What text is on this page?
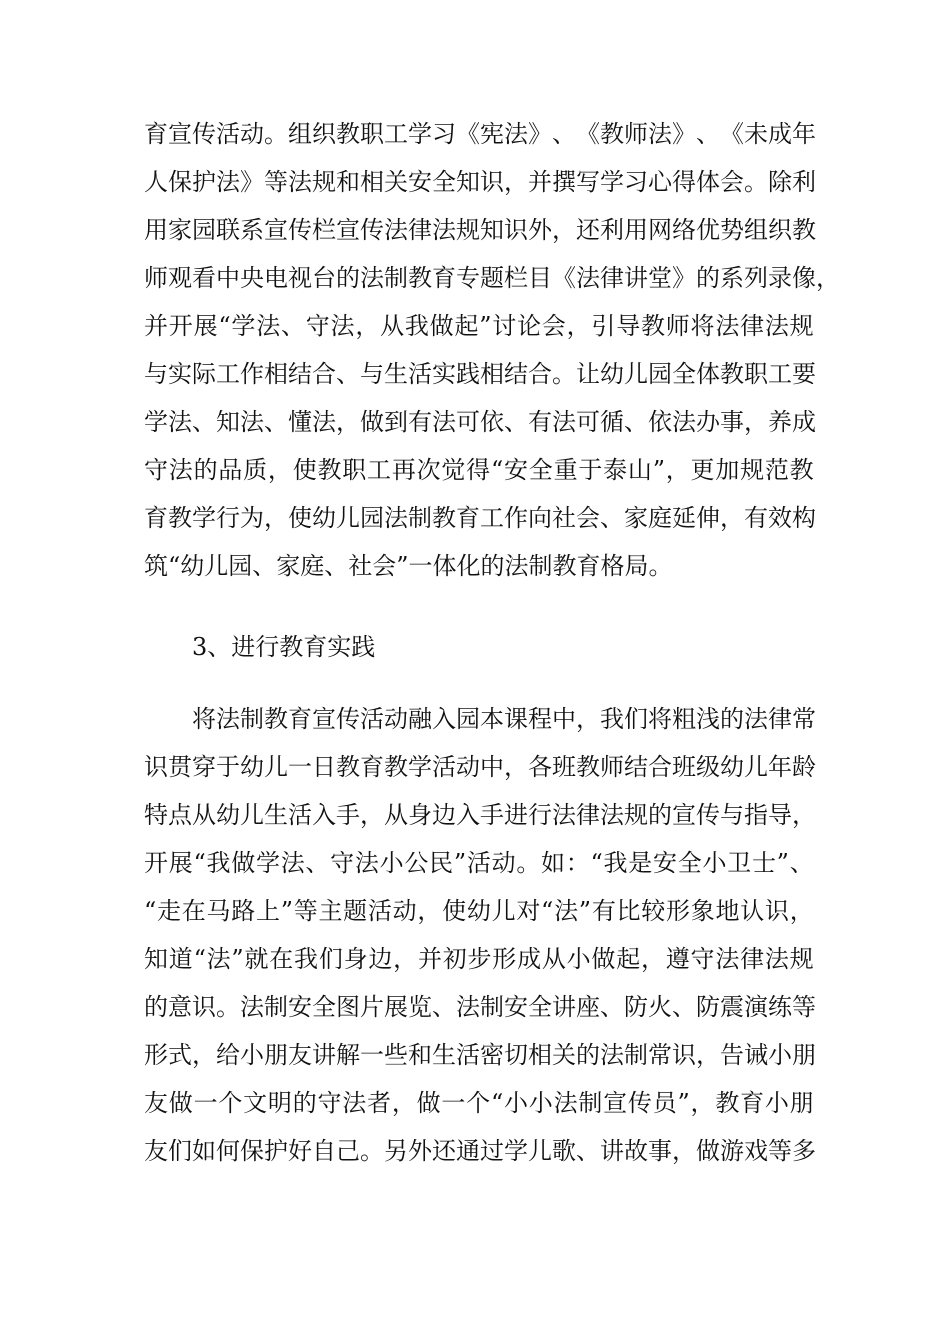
育 宣 传 活 动 。 组 织 教 职 工 学 习 《 宪 法 》 、 《 教 师 法 》 、 《 未 成 年
人 保 护 法 》 等 法 规 和 相 关 安 全 知 识 ， 并 撰 写 学 习 心 得 体 会 。 除 利
用 家 园 联 系 宣 传 栏 宣 传 法 律 法 规 知 识 外 ， 还 利 用 网 络 优 势 组 织 教
师 观 看 中 央 电 视 台 的 法 制 教 育 专 题 栏 目 《 法 律 讲 堂 》 的 系 列 录 像 ，
并 开 展 “ 学 法 、 守 法 ， 从 我 做 起 ” 讨 论 会 ， 引 导 教 师 将 法 律 法 规
与 实 际 工 作 相 结 合 、 与 生 活 实 践 相 结 合 。 让 幼 儿 园 全 体 教 职 工 要
学 法 、 知 法 、 懂 法 ， 做 到 有 法 可 依 、 有 法 可 循 、 依 法 办 事 ， 养 成
守 法 的 品 质 ， 使 教 职 工 再 次 觉 得 “ 安 全 重 于 泰 山 ” ， 更 加 规 范 教
育 教 学 行 为 ， 使 幼 儿 园 法 制 教 育 工 作 向 社 会 、 家 庭 延 伸 ， 有 效 构
筑“幼儿园、家庭、社会”一体化的法制教育格局。
3、进行教育实践
将 法 制 教 育 宣 传 活 动 融 入 园 本 课 程 中 ， 我 们 将 粗 浅 的 法 律 常
识 贯 穿 于 幼 儿 一 日 教 育 教 学 活 动 中 ， 各 班 教 师 结 合 班 级 幼 儿 年 龄
特 点 从 幼 儿 生 活 入 手 ， 从 身 边 入 手 进 行 法 律 法 规 的 宣 传 与 指 导 ，
开 展 “ 我 做 学 法 、 守 法 小 公 民 ” 活 动 。 如 ： “ 我 是 安 全 小 卫 士 ” 、
“ 走 在 马 路 上 ” 等 主 题 活 动 ， 使 幼 儿 对 “ 法 ” 有 比 较 形 象 地 认 识 ，
知 道 “ 法 ” 就 在 我 们 身 边 ， 并 初 步 形 成 从 小 做 起 ， 遵 守 法 律 法 规
的 意 识 。 法 制 安 全 图 片 展 览 、 法 制 安 全 讲 座 、 防 火 、 防 震 演 练 等
形 式 ， 给 小 朋 友 讲 解 一 些 和 生 活 密 切 相 关 的 法 制 常 识 ， 告 诫 小 朋
友 做 一 个 文 明 的 守 法 者 ， 做 一 个 “ 小 小 法 制 宣 传 员 ” ， 教 育 小 朋
友 们 如 何 保 护 好 自 己 。 另 外 还 通 过 学 儿 歌 、 讲 故 事 ， 做 游 戏 等 多
